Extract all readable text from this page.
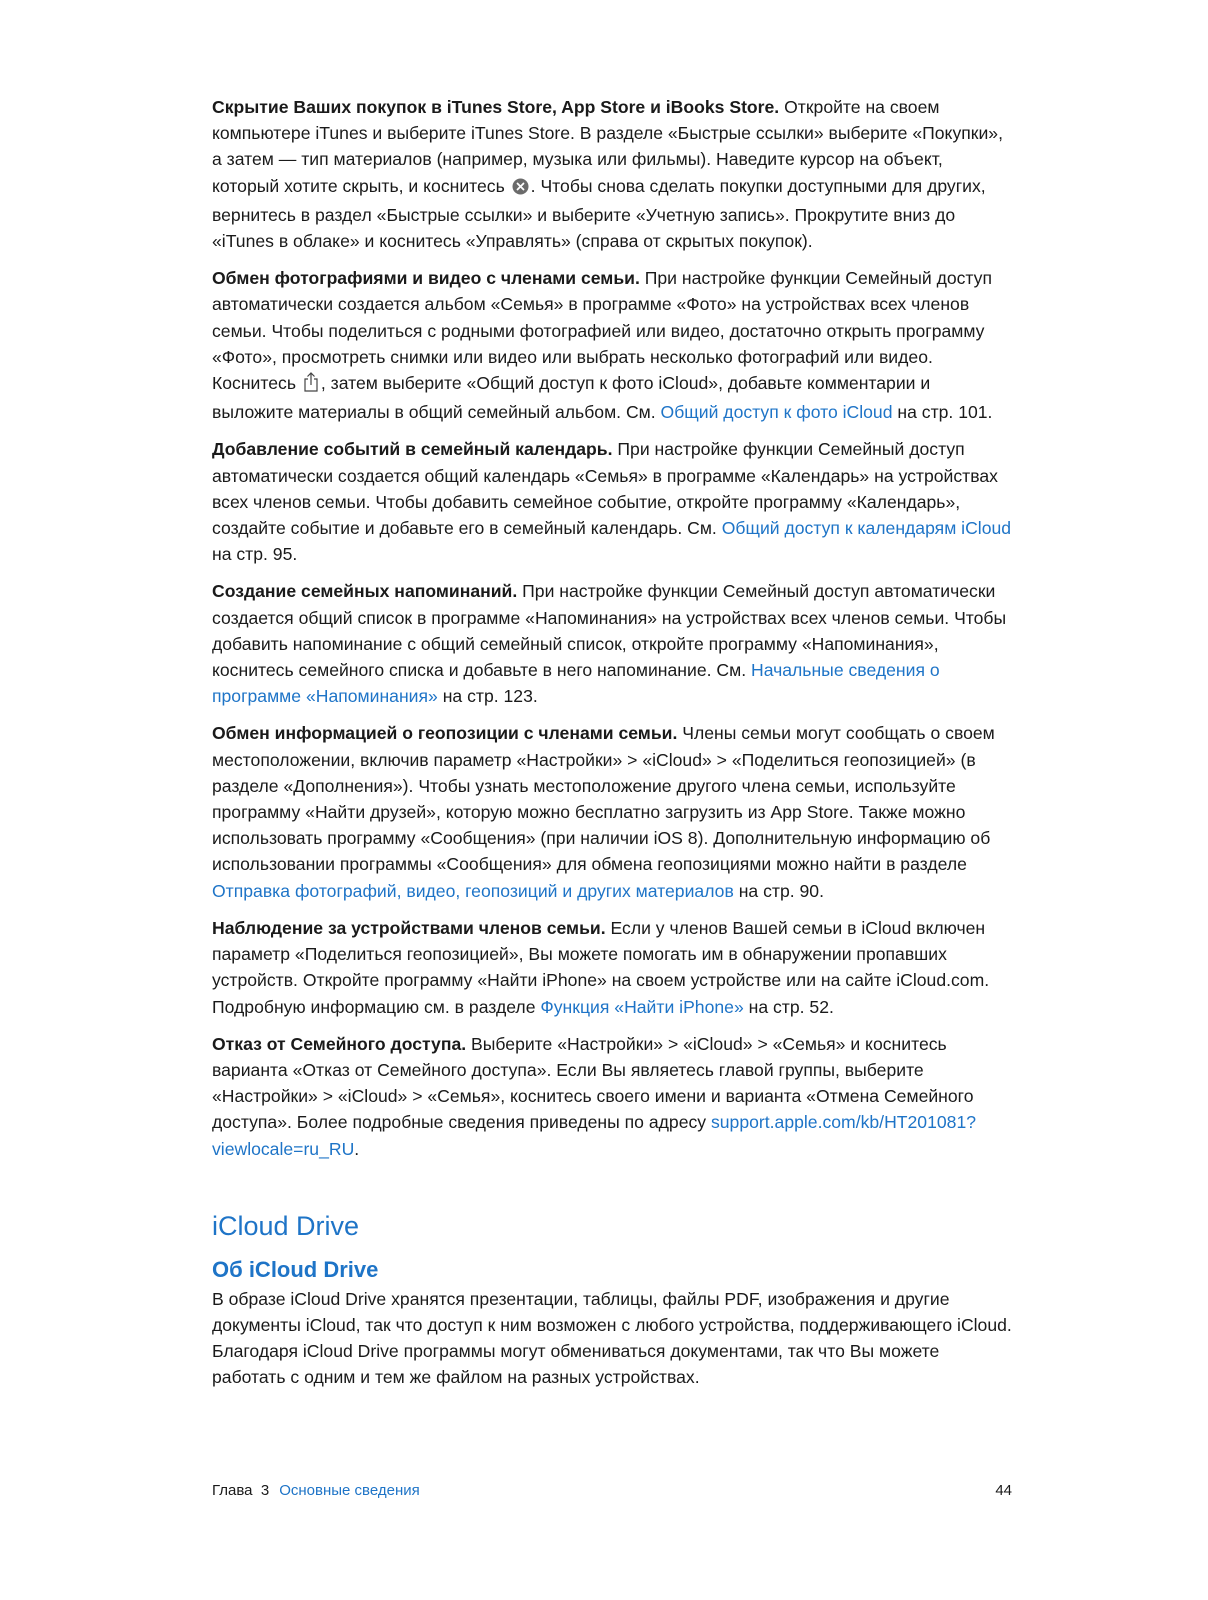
Скрытие Ваших покупок в iTunes Store, App Store и iBooks Store. Откройте на своем компьютере iTunes и выберите iTunes Store. В разделе «Быстрые ссылки» выберите «Покупки», а затем — тип материалов (например, музыка или фильмы). Наведите курсор на объект, который хотите скрыть, и коснитесь . Чтобы снова сделать покупки доступными для других, вернитесь в раздел «Быстрые ссылки» и выберите «Учетную запись». Прокрутите вниз до «iTunes в облаке» и коснитесь «Управлять» (справа от скрытых покупок).

Обмен фотографиями и видео с членами семьи. При настройке функции Семейный доступ автоматически создается альбом «Семья» в программе «Фото» на устройствах всех членов семьи. Чтобы поделиться с родными фотографией или видео, достаточно открыть программу «Фото», просмотреть снимки или видео или выбрать несколько фотографий или видео. Коснитесь , затем выберите «Общий доступ к фото iCloud», добавьте комментарии и выложите материалы в общий семейный альбом. См. Общий доступ к фото iCloud на стр. 101.

Добавление событий в семейный календарь. При настройке функции Семейный доступ автоматически создается общий календарь «Семья» в программе «Календарь» на устройствах всех членов семьи. Чтобы добавить семейное событие, откройте программу «Календарь», создайте событие и добавьте его в семейный календарь. См. Общий доступ к календарям iCloud на стр. 95.

Создание семейных напоминаний. При настройке функции Семейный доступ автоматически создается общий список в программе «Напоминания» на устройствах всех членов семьи. Чтобы добавить напоминание с общий семейный список, откройте программу «Напоминания», коснитесь семейного списка и добавьте в него напоминание. См. Начальные сведения о программе «Напоминания» на стр. 123.

Обмен информацией о геопозиции с членами семьи. Члены семьи могут сообщать о своем местоположении, включив параметр «Настройки» > «iCloud» > «Поделиться геопозицией» (в разделе «Дополнения»). Чтобы узнать местоположение другого члена семьи, используйте программу «Найти друзей», которую можно бесплатно загрузить из App Store. Также можно использовать программу «Сообщения» (при наличии iOS 8). Дополнительную информацию об использовании программы «Сообщения» для обмена геопозициями можно найти в разделе Отправка фотографий, видео, геопозиций и других материалов на стр. 90.

Наблюдение за устройствами членов семьи. Если у членов Вашей семьи в iCloud включен параметр «Поделиться геопозицией», Вы можете помогать им в обнаружении пропавших устройств. Откройте программу «Найти iPhone» на своем устройстве или на сайте iCloud.com. Подробную информацию см. в разделе Функция «Найти iPhone» на стр. 52.

Отказ от Семейного доступа. Выберите «Настройки» > «iCloud» > «Семья» и коснитесь варианта «Отказ от Семейного доступа». Если Вы являетесь главой группы, выберите «Настройки» > «iCloud» > «Семья», коснитесь своего имени и варианта «Отмена Семейного доступа». Более подробные сведения приведены по адресу support.apple.com/kb/HT201081?viewlocale=ru_RU.

iCloud Drive
Об iCloud Drive

В образе iCloud Drive хранятся презентации, таблицы, файлы PDF, изображения и другие документы iCloud, так что доступ к ним возможен с любого устройства, поддерживающего iCloud. Благодаря iCloud Drive программы могут обмениваться документами, так что Вы можете работать с одним и тем же файлом на разных устройствах.

Глава  3 Основные сведения	44
